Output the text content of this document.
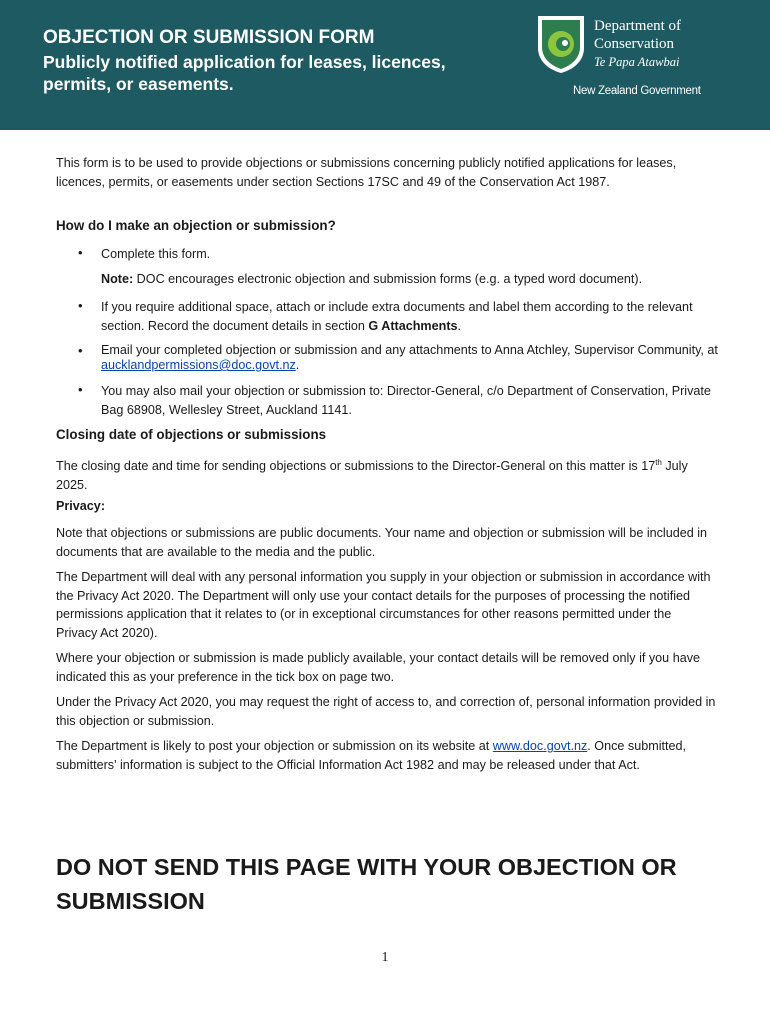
OBJECTION OR SUBMISSION FORM
Publicly notified application for leases, licences, permits, or easements.
Department of
Conservation
Te Papa Atawbai
New Zealand Government
This form is to be used to provide objections or submissions concerning publicly notified applications for leases, licences, permits, or easements under section Sections 17SC and 49 of the Conservation Act 1987.
How do I make an objection or submission?
• Complete this form.
Note: DOC encourages electronic objection and submission forms (e.g. a typed word document).
• If you require additional space, attach or include extra documents and label them according to the relevant section. Record the document details in section G Attachments.
• Email your completed objection or submission and any attachments to Anna Atchley, Supervisor Community, at aucklandpermissions@doc.govt.nz.
• You may also mail your objection or submission to: Director-General, c/o Department of Conservation, Private Bag 68908, Wellesley Street, Auckland 1141.
Closing date of objections or submissions
The closing date and time for sending objections or submissions to the Director-General on this matter is 17th July 2025.
Privacy:
Note that objections or submissions are public documents. Your name and objection or submission will be included in documents that are available to the media and the public.
The Department will deal with any personal information you supply in your objection or submission in accordance with the Privacy Act 2020. The Department will only use your contact details for the purposes of processing the notified permissions application that it relates to (or in exceptional circumstances for other reasons permitted under the Privacy Act 2020).
Where your objection or submission is made publicly available, your contact details will be removed only if you have indicated this as your preference in the tick box on page two.
Under the Privacy Act 2020, you may request the right of access to, and correction of, personal information provided in this objection or submission.
The Department is likely to post your objection or submission on its website at www.doc.govt.nz. Once submitted, submitters' information is subject to the Official Information Act 1982 and may be released under that Act.
DO NOT SEND THIS PAGE WITH YOUR OBJECTION OR SUBMISSION
1
